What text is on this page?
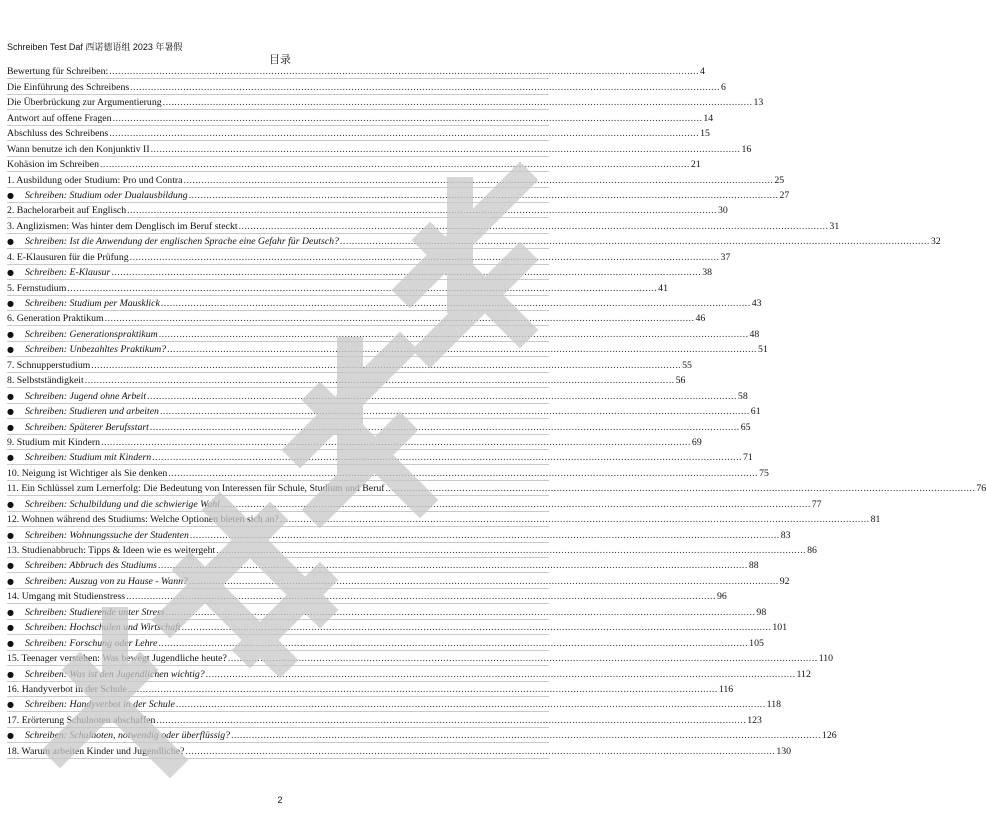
Schreiben Test Daf 西诺德语组 2023 年暑假
目录
Bewertung für Schreiben: ........................................................................................................................................................................................................ 4
Die Einführung des Schreibens ........................................................................................................................................................................................................ 6
Die Überbrückung zur Argumentierung ........................................................................................................................................................................................................ 13
Antwort auf offene Fragen ........................................................................................................................................................................................................ 14
Abschluss des Schreibens ........................................................................................................................................................................................................ 15
Wann benutze ich den Konjunktiv II ........................................................................................................................................................................................................ 16
Kohäsion im Schreiben ........................................................................................................................................................................................................ 21
1. Ausbildung oder Studium: Pro und Contra ........................................................................................................................................................................................................ 25
●	Schreiben: Studium oder Dualausbildung ........................................................................................................................................................................................................ 27
2. Bachelorarbeit auf Englisch ........................................................................................................................................................................................................ 30
3. Anglizismen: Was hinter dem Denglisch im Beruf steckt ........................................................................................................................................................................................................ 31
●	Schreiben: Ist die Anwendung der englischen Sprache eine Gefahr für Deutsch? ........................................................................................................................................................................................................ 32
4. E-Klausuren für die Prüfung ........................................................................................................................................................................................................ 37
●	Schreiben: E-Klausur ........................................................................................................................................................................................................ 38
5. Fernstudium ........................................................................................................................................................................................................ 41
●	Schreiben: Studium per Mausklick ........................................................................................................................................................................................................ 43
6. Generation Praktikum ........................................................................................................................................................................................................ 46
●	Schreiben: Generationspraktikum ........................................................................................................................................................................................................ 48
●	Schreiben: Unbezahltes Praktikum? ........................................................................................................................................................................................................ 51
7. Schnupperstudium ........................................................................................................................................................................................................ 55
8. Selbstständigkeit ........................................................................................................................................................................................................ 56
●	Schreiben: Jugend ohne Arbeit ........................................................................................................................................................................................................ 58
●	Schreiben: Studieren und arbeiten ........................................................................................................................................................................................................ 61
●	Schreiben: Späterer Berufsstart ........................................................................................................................................................................................................ 65
9. Studium mit Kindern ........................................................................................................................................................................................................ 69
●	Schreiben: Studium mit Kindern ........................................................................................................................................................................................................ 71
10. Neigung ist Wichtiger als Sie denken ........................................................................................................................................................................................................ 75
11. Ein Schlüssel zum Lernerfolg: Die Bedeutung von Interessen für Schule, Studium und Beruf ........................................................................................................................................................................................................ 76
●	Schreiben: Schulbildung und die schwierige Wahl ........................................................................................................................................................................................................ 77
12. Wohnen während des Studiums: Welche Optionen bieten sich an? ........................................................................................................................................................................................................ 81
●	Schreiben: Wohnungssuche der Studenten ........................................................................................................................................................................................................ 83
13. Studienabbruch: Tipps & Ideen wie es weitergeht ........................................................................................................................................................................................................ 86
●	Schreiben: Abbruch des Studiums ........................................................................................................................................................................................................ 88
●	Schreiben: Auszug von zu Hause - Wann? ........................................................................................................................................................................................................ 92
14. Umgang mit Studienstress ........................................................................................................................................................................................................ 96
●	Schreiben: Studierende unter Stress ........................................................................................................................................................................................................ 98
●	Schreiben: Hochschulen und Wirtschaft ........................................................................................................................................................................................................ 101
●	Schreiben: Forschung oder Lehre ........................................................................................................................................................................................................ 105
15. Teenager verstehen: Was bewegt Jugendliche heute? ........................................................................................................................................................................................................ 110
●	Schreiben: Was ist den Jugendlichen wichtig? ........................................................................................................................................................................................................ 112
16. Handyverbot in der Schule ........................................................................................................................................................................................................ 116
●	Schreiben: Handyverbot in der Schule ........................................................................................................................................................................................................ 118
17. Erörterung Schulnoten abschaffen ........................................................................................................................................................................................................ 123
●	Schreiben: Schulnoten, notwendig oder überflüssig? ........................................................................................................................................................................................................ 126
18. Warum arbeiten Kinder und Jugendliche? ........................................................................................................................................................................................................ 130
2
